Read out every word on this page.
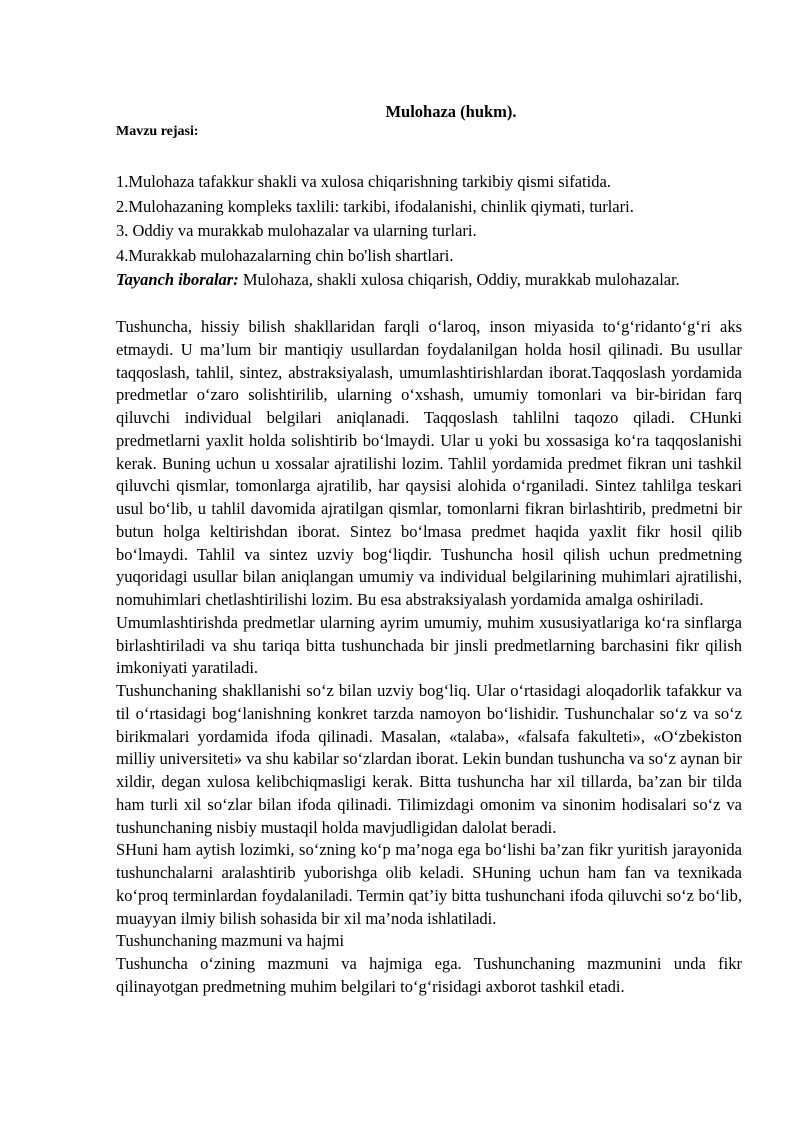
Mulohaza (hukm).
Mavzu rejasi:
1.Mulohaza tafakkur shakli va xulosa chiqarishning tarkibiy qismi sifatida.
2.Mulohazaning kompleks taxlili: tarkibi, ifodalanishi, chinlik qiymati, turlari.
3. Oddiy va murakkab mulohazalar va ularning turlari.
4.Murakkab mulohazalarning chin bo'lish shartlari.

Tayanch iboralar: Mulohaza, shakli xulosa chiqarish, Oddiy, murakkab mulohazalar.

Tushuncha, hissiy bilish shakllaridan farqli o‘laroq, inson miyasida to‘g‘ridanto‘g‘ri aks etmaydi. U ma’lum bir mantiqiy usullardan foydalanilgan holda hosil qilinadi. Bu usullar taqqoslash, tahlil, sintez, abstraksiyalash, umumlashtirishlardan iborat.Taqqoslash yordamida predmetlar o‘zaro solishtirilib, ularning o‘xshash, umumiy tomonlari va bir-biridan farq qiluvchi individual belgilari aniqlanadi. Taqqoslash tahlilni taqozo qiladi. CHunki predmetlarni yaxlit holda solishtirib bo‘lmaydi. Ular u yoki bu xossasiga ko‘ra taqqoslanishi kerak. Buning uchun u xossalar ajratilishi lozim. Tahlil yordamida predmet fikran uni tashkil qiluvchi qismlar, tomonlarga ajratilib, har qaysisi alohida o‘rganiladi. Sintez tahlilga teskari usul bo‘lib, u tahlil davomida ajratilgan qismlar, tomonlarni fikran birlashtirib, predmetni bir butun holga keltirishdan iborat. Sintez bo‘lmasa predmet haqida yaxlit fikr hosil qilib bo‘lmaydi. Tahlil va sintez uzviy bog‘liqdir. Tushuncha hosil qilish uchun predmetning yuqoridagi usullar bilan aniqlangan umumiy va individual belgilarining muhimlari ajratilishi, nomuhimlari chetlashtirilishi lozim. Bu esa abstraksiyalash yordamida amalga oshiriladi.

Umumlashtirishda predmetlar ularning ayrim umumiy, muhim xususiyatlariga ko‘ra sinflarga birlashtiriladi va shu tariqa bitta tushunchada bir jinsli predmetlarning barchasini fikr qilish imkoniyati yaratiladi.

Tushunchaning shakllanishi so‘z bilan uzviy bog‘liq. Ular o‘rtasidagi aloqadorlik tafakkur va til o‘rtasidagi bog‘lanishning konkret tarzda namoyon bo‘lishidir. Tushunchalar so‘z va so‘z birikmalari yordamida ifoda qilinadi. Masalan, «talaba», «falsafa fakulteti», «O‘zbekiston milliy universiteti» va shu kabilar so‘zlardan iborat. Lekin bundan tushuncha va so‘z aynan bir xildir, degan xulosa kelibchiqmasligi kerak. Bitta tushuncha har xil tillarda, ba’zan bir tilda ham turli xil so‘zlar bilan ifoda qilinadi. Tilimizdagi omonim va sinonim hodisalari so‘z va tushunchaning nisbiy mustaqil holda mavjudligidan dalolat beradi.

SHuni ham aytish lozimki, so‘zning ko‘p ma’noga ega bo‘lishi ba’zan fikr yuritish jarayonida tushunchalarni aralashtirib yuborishga olib keladi. SHuning uchun ham fan va texnikada ko‘proq terminlardan foydalaniladi. Termin qat’iy bitta tushunchani ifoda qiluvchi so‘z bo‘lib, muayyan ilmiy bilish sohasida bir xil ma’noda ishlatiladi.

Tushunchaning mazmuni va hajmi

Tushuncha o‘zining mazmuni va hajmiga ega. Tushunchaning mazmunini unda fikr qilinayotgan predmetning muhim belgilari to‘g‘risidagi axborot tashkil etadi.
